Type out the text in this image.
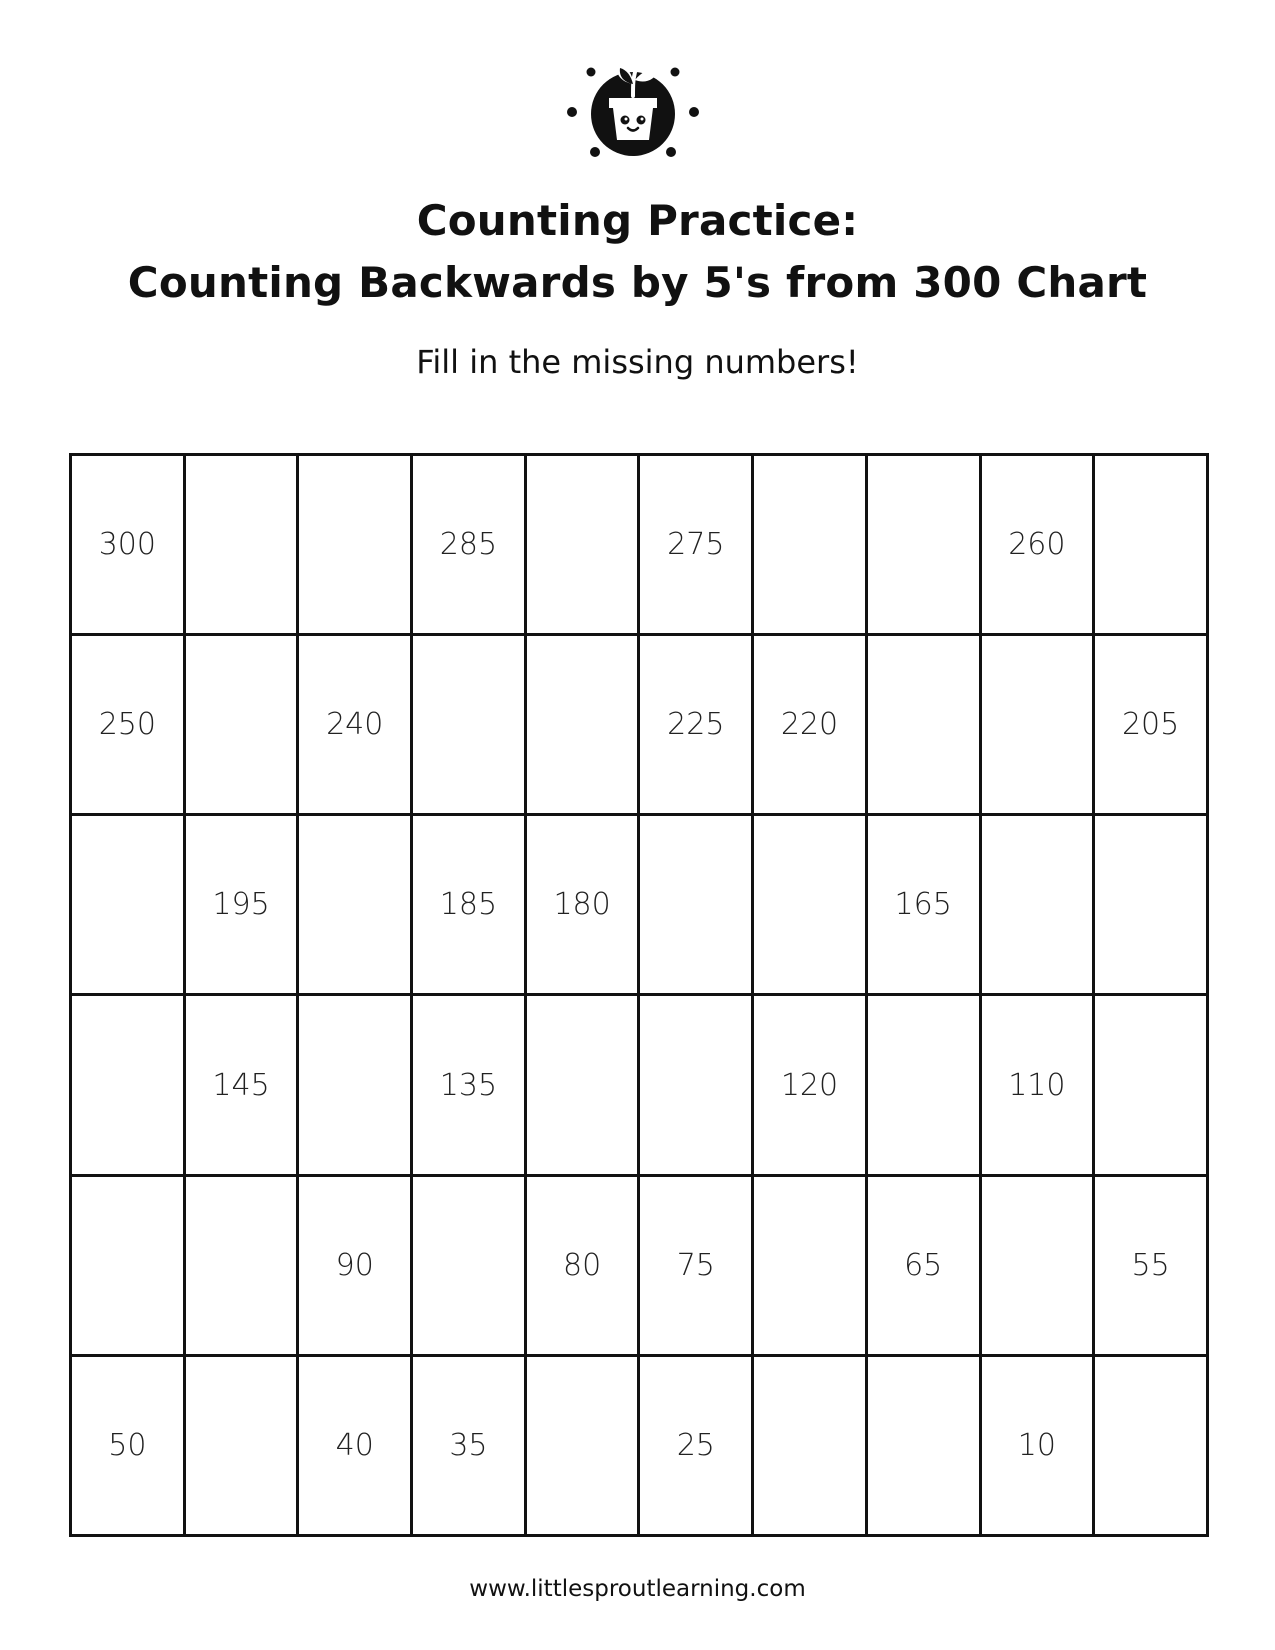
Counting Practice:
Counting Backwards by 5's from 300 Chart
Fill in the missing numbers!
300			285		275			260	
250		240			225	220			205
	195		185	180			165		
	145		135			120		110	
		90		80	75		65		55
50		40	35		25			10	
www.littlesproutlearning.com
